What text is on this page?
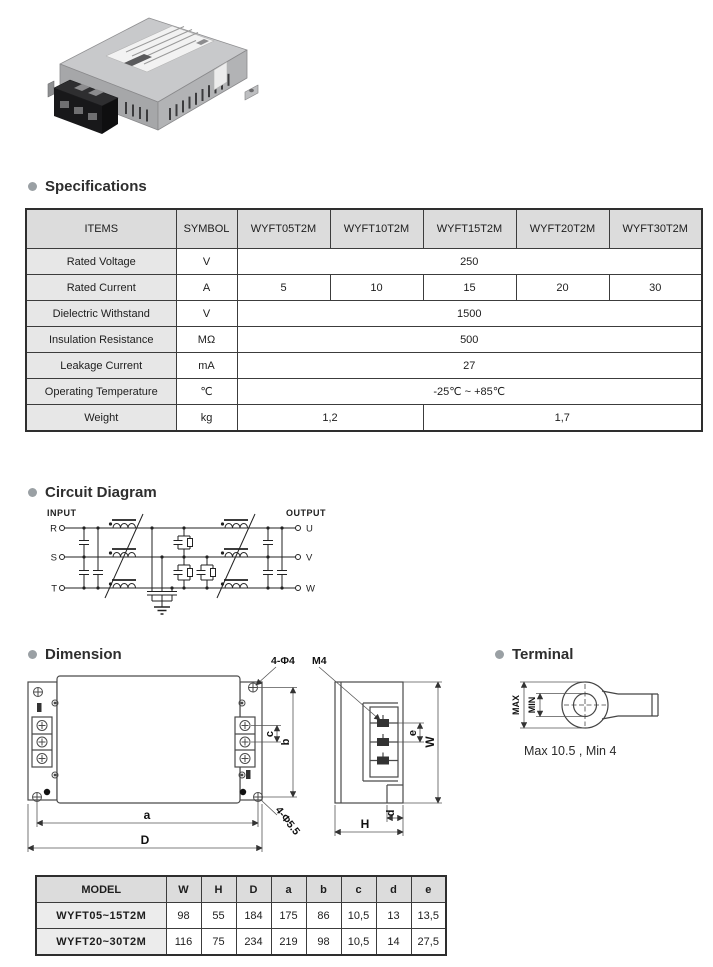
Specifications
ITEMS	SYMBOL	WYFT05T2M	WYFT10T2M	WYFT15T2M	WYFT20T2M	WYFT30T2M
Rated Voltage	V	250				
Rated Current	A	5	10	15	20	30
Dielectric Withstand	V	1500				
Insulation Resistance	MΩ	500				
Leakage Current	mA	27				
Operating Temperature	℃	-25℃ ~ +85℃				
Weight	kg	1,2		1,7		
Circuit Diagram
INPUT	OUTPUT
R
S
T
U
V
W
Dimension	Terminal
a
D
b
c
4-Φ4 M4
4-Φ5.5
e
W
d
H
MAX MIN
Max 10.5 , Min 4
MODEL	W	H	D	a	b	c	d	e
WYFT05~15T2M	98	55	184	175	86	10,5	13	13,5
WYFT20~30T2M	116	75	234	219	98	10,5	14	27,5
